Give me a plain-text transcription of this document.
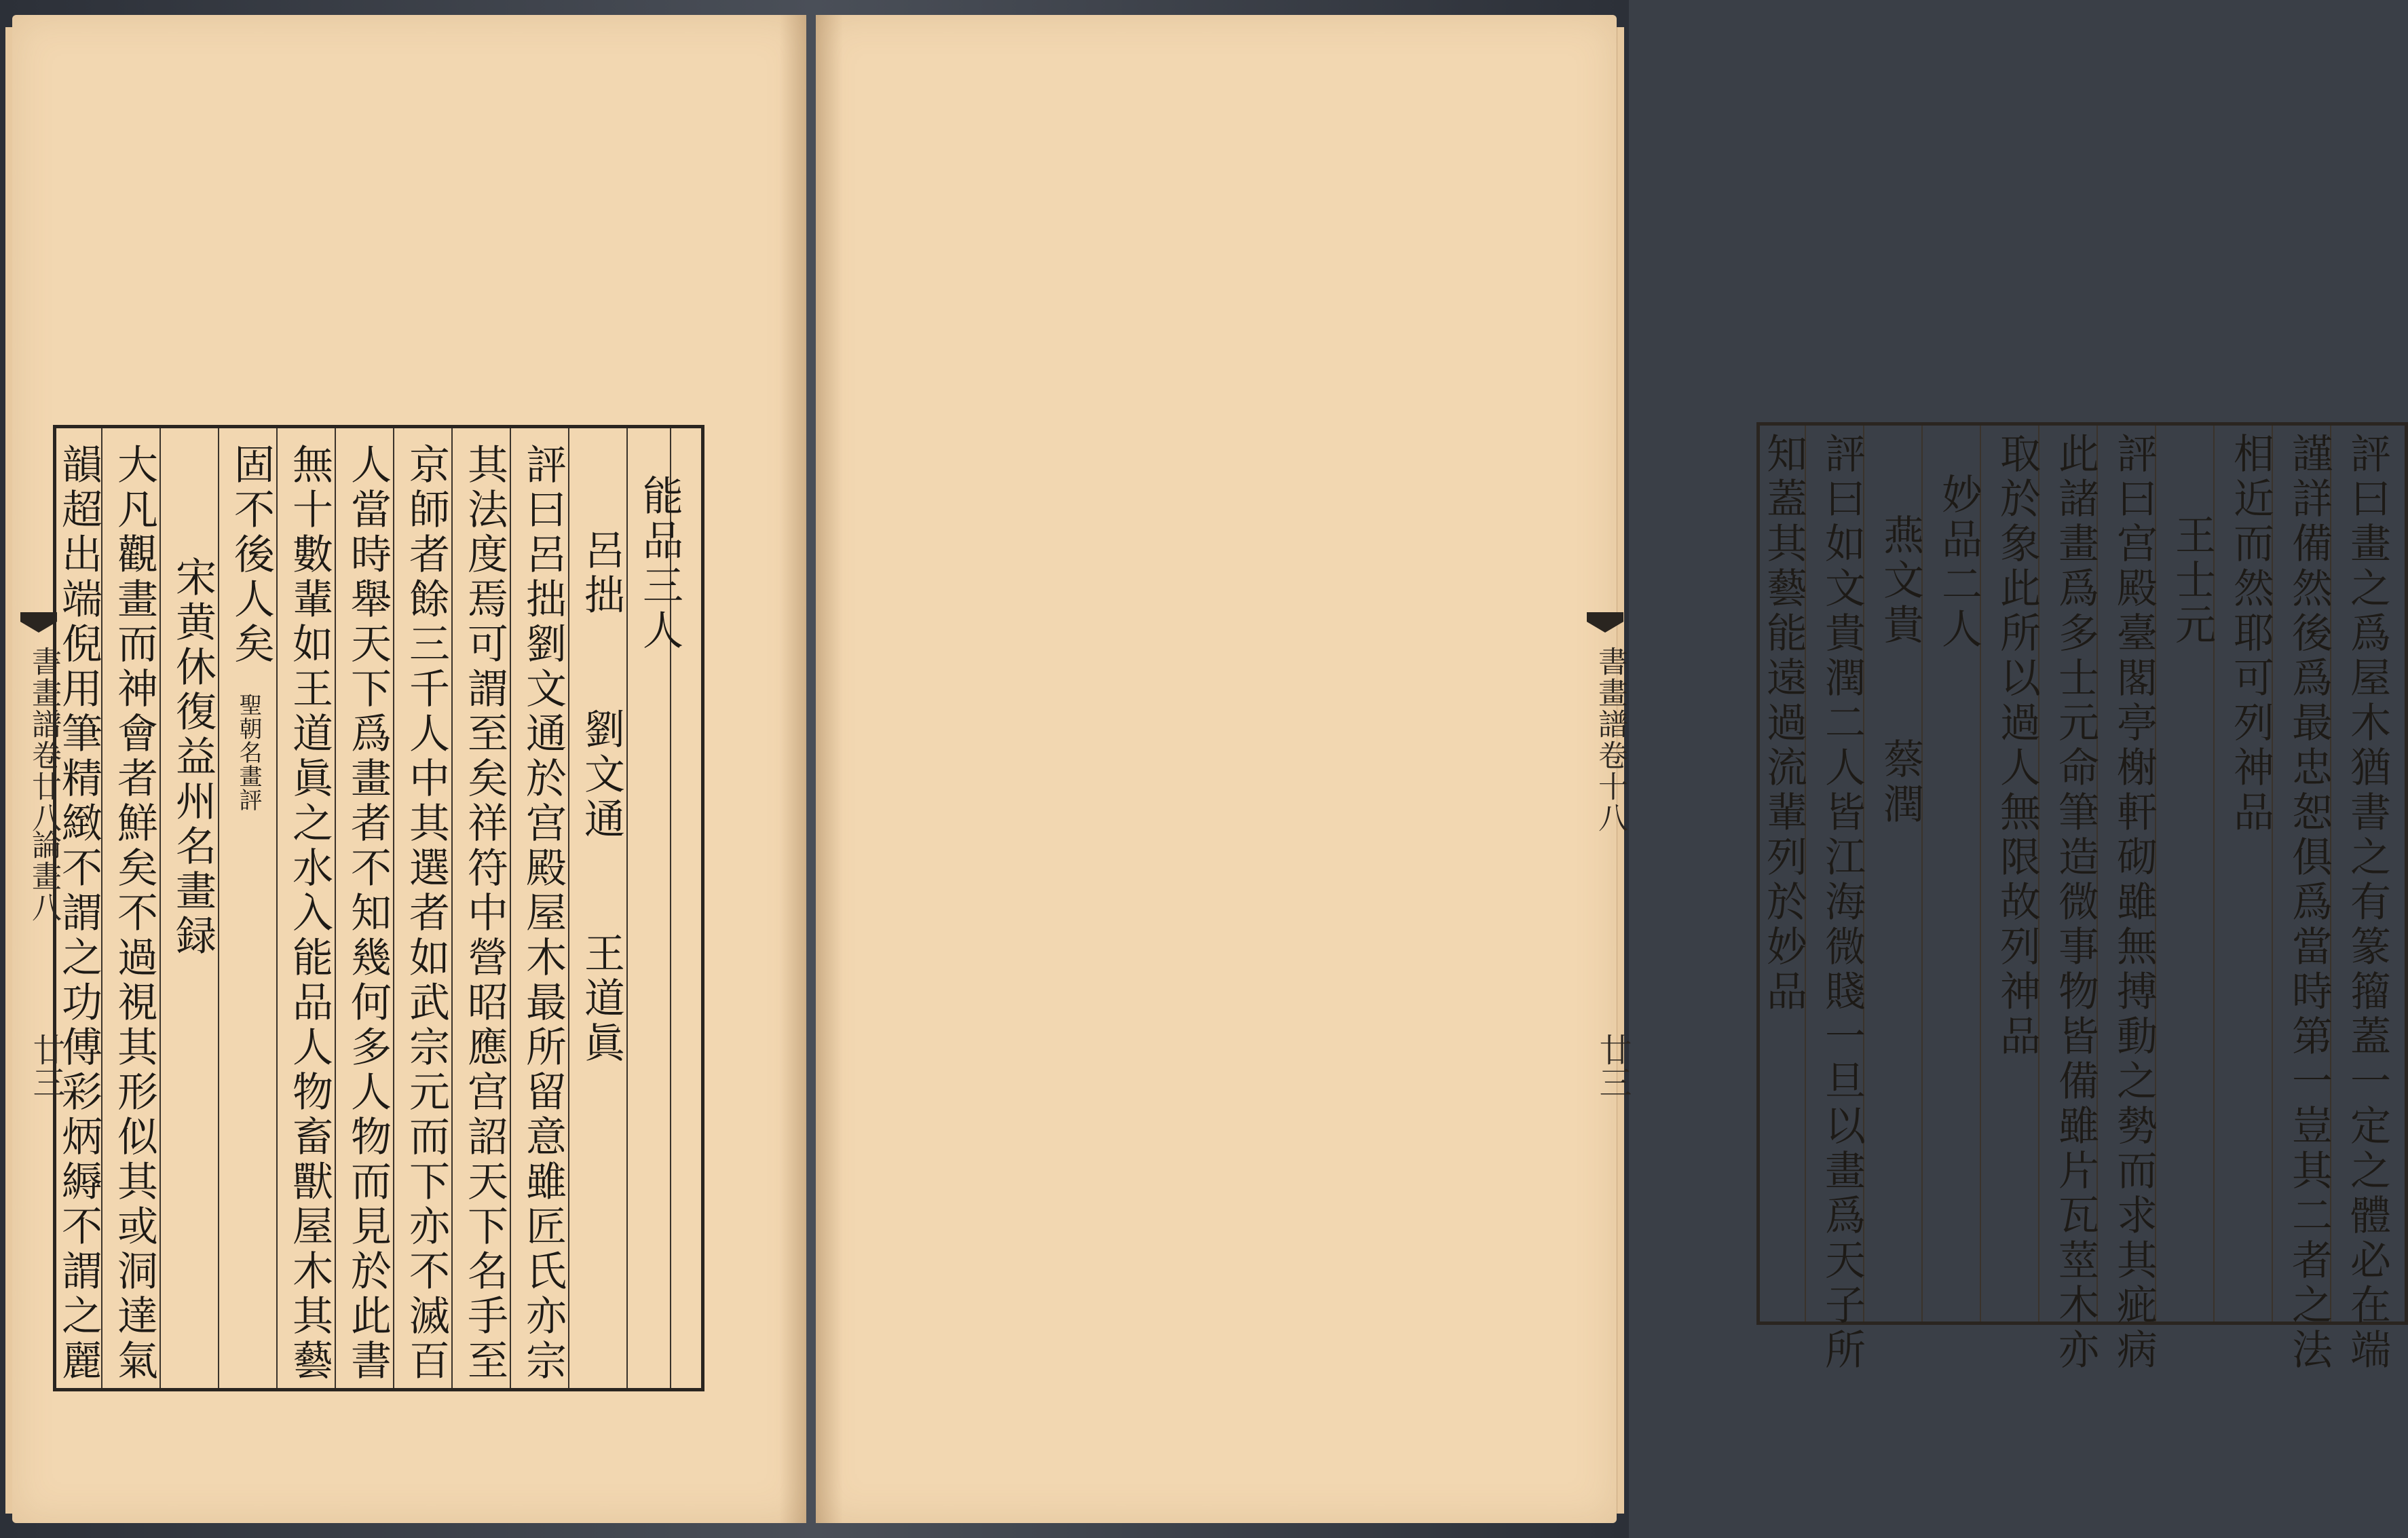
能品三人
呂拙　　劉文通　　王道眞
評曰呂拙劉文通於宫殿屋木最所留意雖匠氏亦宗
其法度焉可謂至矣祥符中營昭應宫詔天下名手至
京師者餘三千人中其選者如武宗元而下亦不滅百
人當時舉天下爲畫者不知幾何多人物而見於此書
無十數輩如王道眞之水入能品人物畜獸屋木其藝
固不後人矣
聖朝名畫評
宋黄休復益州名畫録
大凡觀畫而神會者鮮矣不過視其形似其或洞達氣
韻超出端倪用筆精緻不謂之功傅彩炳縟不謂之麗
書畫譜卷廿八
論畫八
廿三	評曰畫之爲屋木猶書之有篆籀蓋一定之體必在端
謹詳備然後爲最忠恕俱爲當時第一豈其二者之法
相近而然耶可列神品
王士元
評曰宫殿臺閣亭榭軒砌雖無搏動之勢而求其疵病
此諸畫爲多士元命筆造微事物皆備雖片瓦莖木亦
取於象此所以過人無限故列神品
妙品二人
燕文貴　　蔡潤
評曰如文貴潤二人皆江海微賤一旦以畫爲天子所
知蓋其藝能遠過流輩列於妙品
書畫譜卷十八
廿三
